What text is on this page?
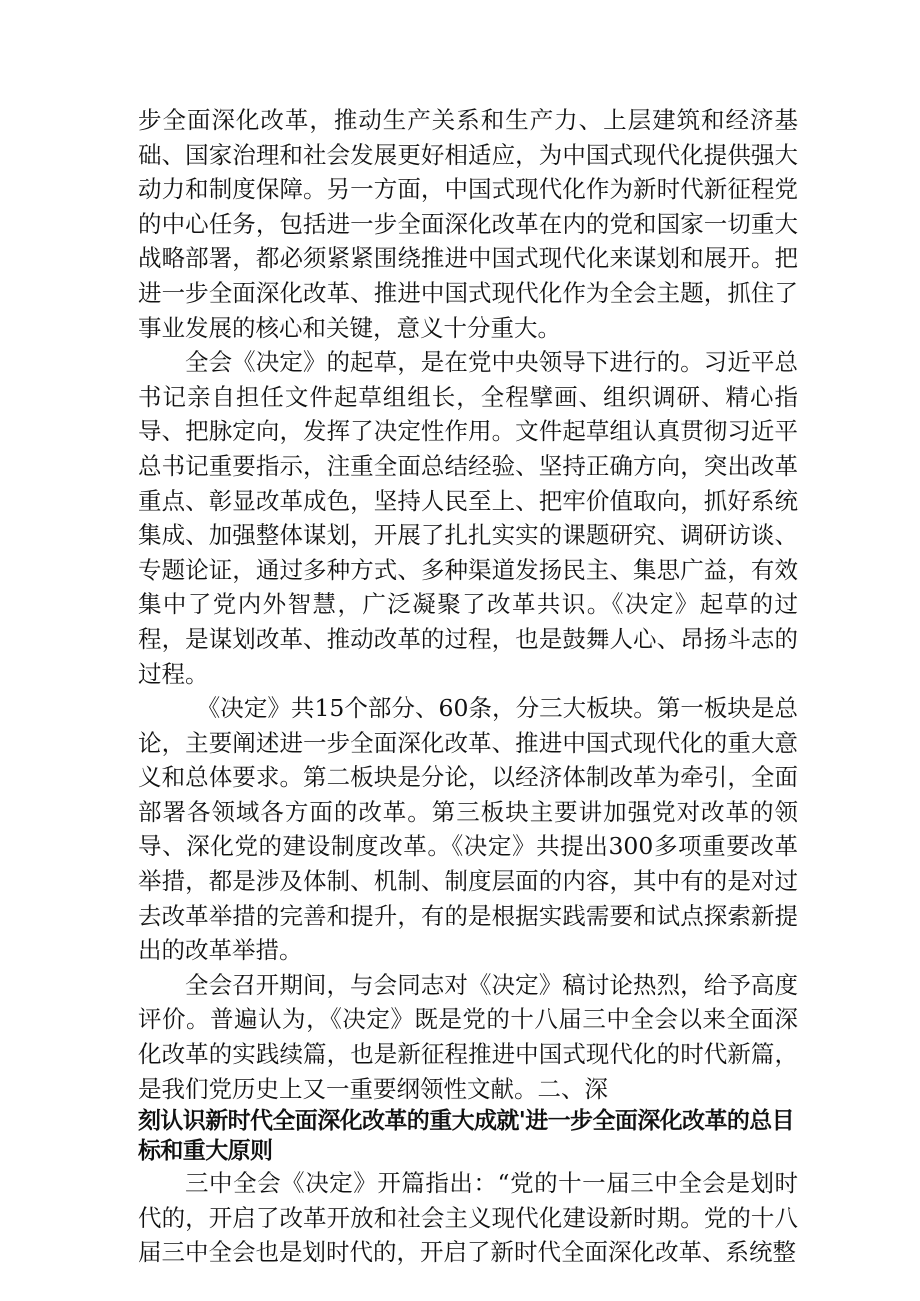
步全面深化改革，推动生产关系和生产力、上层建筑和经济基础、国家治理和社会发展更好相适应，为中国式现代化提供强大动力和制度保障。另一方面，中国式现代化作为新时代新征程党的中心任务，包括进一步全面深化改革在内的党和国家一切重大战略部署，都必须紧紧围绕推进中国式现代化来谋划和展开。把进一步全面深化改革、推进中国式现代化作为全会主题，抓住了事业发展的核心和关键，意义十分重大。

全会《决定》的起草，是在党中央领导下进行的。习近平总书记亲自担任文件起草组组长，全程擘画、组织调研、精心指导、把脉定向，发挥了决定性作用。文件起草组认真贯彻习近平总书记重要指示，注重全面总结经验、坚持正确方向，突出改革重点、彰显改革成色，坚持人民至上、把牢价值取向，抓好系统集成、加强整体谋划，开展了扎扎实实的课题研究、调研访谈、专题论证，通过多种方式、多种渠道发扬民主、集思广益，有效集中了党内外智慧，广泛凝聚了改革共识。《决定》起草的过程，是谋划改革、推动改革的过程，也是鼓舞人心、昂扬斗志的过程。

《决定》共15个部分、60条，分三大板块。第一板块是总论，主要阐述进一步全面深化改革、推进中国式现代化的重大意义和总体要求。第二板块是分论，以经济体制改革为牵引，全面部署各领域各方面的改革。第三板块主要讲加强党对改革的领导、深化党的建设制度改革。《决定》共提出300多项重要改革举措，都是涉及体制、机制、制度层面的内容，其中有的是对过去改革举措的完善和提升，有的是根据实践需要和试点探索新提出的改革举措。

全会召开期间，与会同志对《决定》稿讨论热烈，给予高度评价。普遍认为，《决定》既是党的十八届三中全会以来全面深化改革的实践续篇，也是新征程推进中国式现代化的时代新篇，是我们党历史上又一重要纲领性文献。二、深

刻认识新时代全面深化改革的重大成就'进一步全面深化改革的总目标和重大原则

三中全会《决定》开篇指出：“党的十一届三中全会是划时代的，开启了改革开放和社会主义现代化建设新时期。党的十八届三中全会也是划时代的，开启了新时代全面深化改革、系统整
